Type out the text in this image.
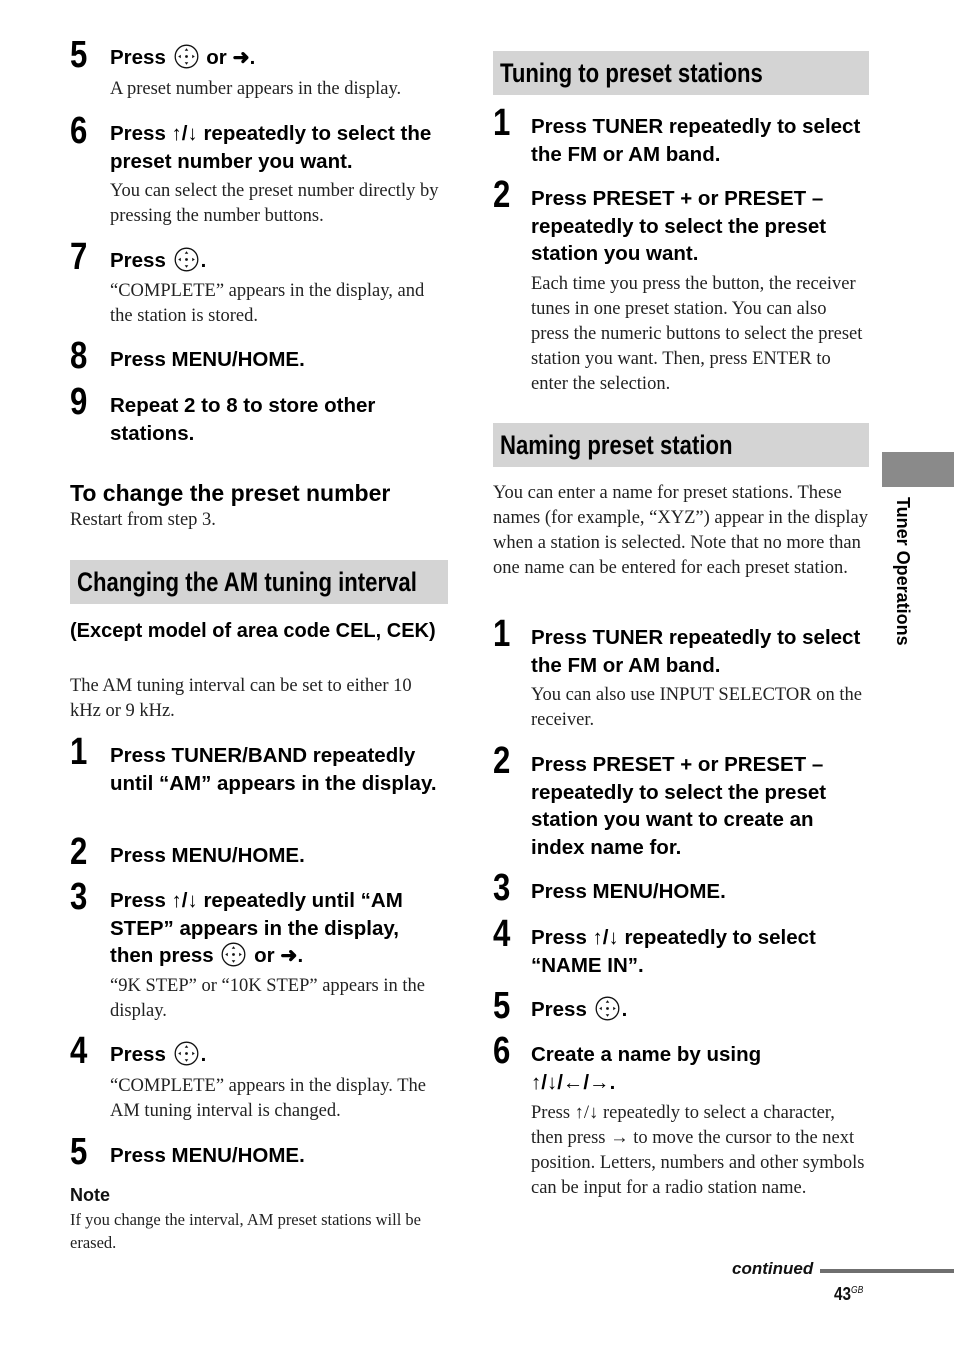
5 Press  or ➜.
A preset number appears in the display.
6 Press ↑/↓ repeatedly to select the preset number you want.
You can select the preset number directly by pressing the number buttons.
7 Press .
“COMPLETE” appears in the display, and the station is stored.
8 Press MENU/HOME.
9 Repeat 2 to 8 to store other stations.
To change the preset number
Restart from step 3.
Changing the AM tuning interval
(Except model of area code CEL, CEK)
The AM tuning interval can be set to either 10 kHz or 9 kHz.
1 Press TUNER/BAND repeatedly until “AM” appears in the display.
2 Press MENU/HOME.
3 Press ↑/↓ repeatedly until “AM
STEP” appears in the display,
then press  or ➜.
“9K STEP” or “10K STEP” appears in the display.
4 Press .
“COMPLETE” appears in the display. The AM tuning interval is changed.
5 Press MENU/HOME.
Note
If you change the interval, AM preset stations will be erased.
Tuning to preset stations
1 Press TUNER repeatedly to select the FM or AM band.
2 Press PRESET + or PRESET – repeatedly to select the preset station you want.
Each time you press the button, the receiver tunes in one preset station. You can also press the numeric buttons to select the preset station you want. Then, press ENTER to enter the selection.
Naming preset station
You can enter a name for preset stations. These names (for example, “XYZ”) appear in the display when a station is selected. Note that no more than one name can be entered for each preset station.
1 Press TUNER repeatedly to select the FM or AM band.
You can also use INPUT SELECTOR on the receiver.
2 Press PRESET + or PRESET – repeatedly to select the preset station you want to create an index name for.
3 Press MENU/HOME.
4 Press ↑/↓ repeatedly to select “NAME IN”.
5 Press .
6 Create a name by using
↑/↓/←/→.
Press ↑/↓ repeatedly to select a character, then press → to move the cursor to the next position. Letters, numbers and other symbols can be input for a radio station name.
Tuner Operations
continued
$43^{GB}$
